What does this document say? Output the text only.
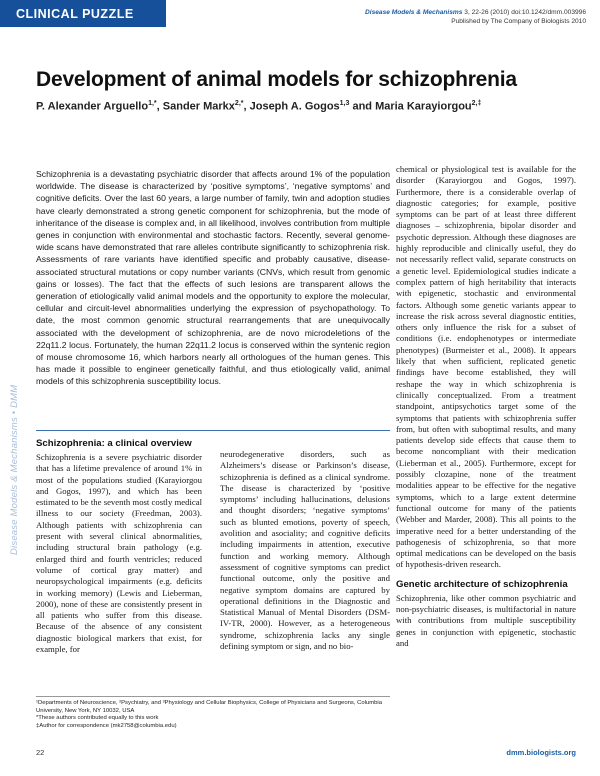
CLINICAL PUZZLE	Disease Models & Mechanisms 3, 22-26 (2010) doi:10.1242/dmm.003996
Published by The Company of Biologists 2010
Disease Models & Mechanisms • DMM
Development of animal models for schizophrenia
P. Alexander Arguello$^{1,*}$, Sander Markx$^{2,*}$, Joseph A. Gogos$^{1,3}$ and Maria Karayiorgou$^{2,\ddagger}$

Schizophrenia is a devastating psychiatric disorder that affects around 1% of the population worldwide. The disease is characterized by ‘positive symptoms’, ‘negative symptoms’ and cognitive deficits. Over the last 60 years, a large number of family, twin and adoption studies have clearly demonstrated a strong genetic component for schizophrenia, but the mode of inheritance of the disease is complex and, in all likelihood, involves contribution from multiple genes in conjunction with environmental and stochastic factors. Recently, several genome-wide scans have demonstrated that rare alleles contribute significantly to schizophrenia risk. Assessments of rare variants have identified specific and probably causative, disease-associated structural mutations or copy number variants (CNVs, which result from genomic gains or losses). The fact that the effects of such lesions are transparent allows the generation of etiologically valid animal models and the opportunity to explore the molecular, cellular and circuit-level abnormalities underlying the expression of psychopathology. To date, the most common genomic structural rearrangements that are unequivocally associated with the development of schizophrenia, are de novo microdeletions of the 22q11.2 locus. Fortunately, the human 22q11.2 locus is conserved within the syntenic region of mouse chromosome 16, which harbors nearly all orthologues of the human genes. This has made it possible to engineer genetically faithful, and thus etiologically valid, animal models of this schizophrenia susceptibility locus.

Schizophrenia: a clinical overview

Schizophrenia is a severe psychiatric disorder that has a lifetime prevalence of around 1% in most of the populations studied (Karayiorgou and Gogos, 1997), and which has been estimated to be the seventh most costly medical illness to our society (Freedman, 2003). Although patients with schizophrenia can present with several clinical abnormalities, including structural brain pathology (e.g. enlarged third and fourth ventricles; reduced volume of cortical gray matter) and neuropsychological impairments (e.g. deficits in working memory) (Lewis and Lieberman, 2000), none of these are consistently present in all patients who suffer from this disease. Because of the absence of any consistent diagnostic biological markers that exist, for example, for

neurodegenerative disorders, such as Alzheimers’s disease or Parkinson’s disease, schizophrenia is defined as a clinical syndrome. The disease is characterized by ‘positive symptoms’ including hallucinations, delusions and thought disorders; ‘negative symptoms’ such as blunted emotions, poverty of speech, avolition and asociality; and cognitive deficits including impairments in attention, executive function and working memory. Although assessment of cognitive symptoms can predict functional outcome, only the positive and negative symptom domains are captured by operational definitions in the Diagnostic and Statistical Manual of Mental Disorders (DSM-IV-TR, 2000). However, as a heterogeneous syndrome, schizophrenia lacks any single defining symptom or sign, and no bio-

chemical or physiological test is available for the disorder (Karayiorgou and Gogos, 1997). Furthermore, there is a considerable overlap of diagnostic categories; for example, positive symptoms can be part of at least three different diagnoses – schizophrenia, bipolar disorder and psychotic depression. Although these diagnoses are highly reproducible and clinically useful, they do not necessarily reflect valid, separate constructs on a genetic level. Epidemiological studies indicate a complex pattern of high heritability that interacts with epigenetic, stochastic and environmental factors. Although some genetic variants appear to increase the risk across several diagnostic entities, others only influence the risk for a subset of conditions (i.e. endophenotypes or intermediate phenotypes) (Burmeister et al., 2008). It appears likely that when sufficient, replicated genetic findings have become established, they will reshape the way in which schizophrenia is clinically conceptualized. From a treatment standpoint, antipsychotics target some of the symptoms that patients with schizophrenia suffer from, but often with suboptimal results, and many patients develop side effects that cause them to become noncompliant with their medication (Lieberman et al., 2005). Furthermore, except for possibly clozapine, none of the treatment modalities appear to be effective for the negative symptoms, which to a large extent determine functional outcome for many of the patients (Webber and Marder, 2008). This all points to the imperative need for a better understanding of the pathogenesis of schizophrenia, so that more optimal medications can be developed on the basis of hypothesis-driven research.

Genetic architecture of schizophrenia

Schizophrenia, like other common psychiatric and non-psychiatric diseases, is multifactorial in nature with contributions from multiple susceptibility genes in conjunction with epigenetic, stochastic and

¹Departments of Neuroscience, ²Psychiatry, and ³Physiology and Cellular Biophysics, College of Physicians and Surgeons, Columbia University, New York, NY 10032, USA
*These authors contributed equally to this work
‡Author for correspondence (mk2758@columbia.edu)
22	dmm.biologists.org
